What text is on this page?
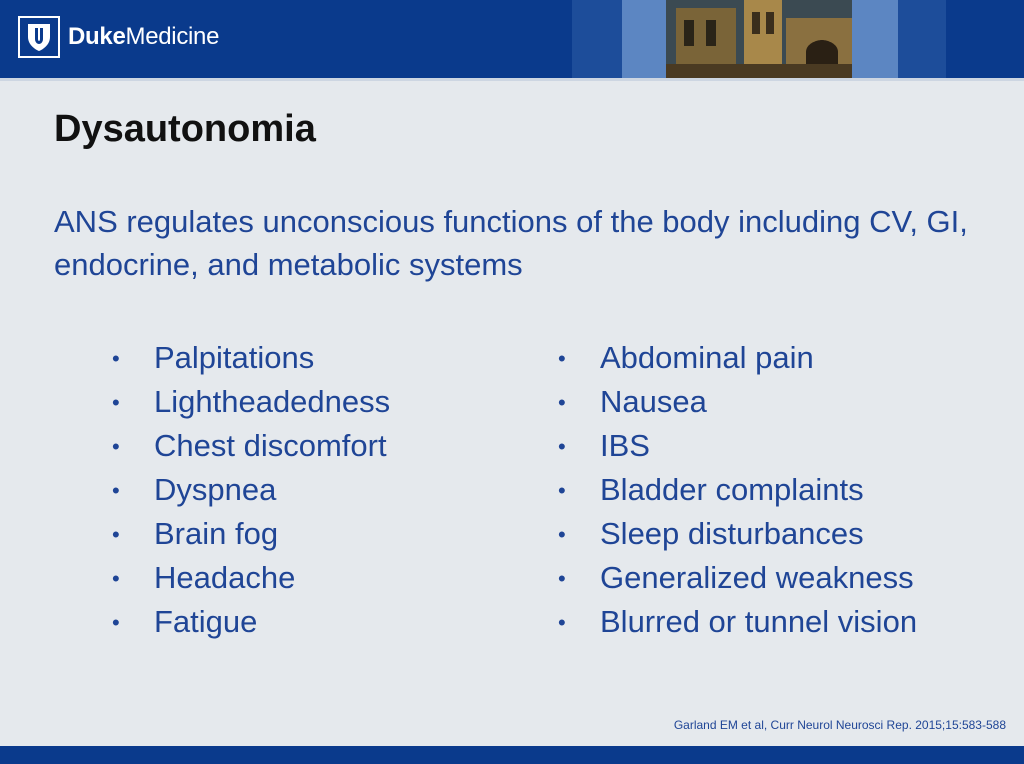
DukeMedicine
Dysautonomia

ANS regulates unconscious functions of the body including CV, GI, endocrine, and metabolic systems

•	Palpitations
•	Lightheadedness
•	Chest discomfort
•	Dyspnea
•	Brain fog
•	Headache
•	Fatigue
•	Abdominal pain
•	Nausea
•	IBS
•	Bladder complaints
•	Sleep disturbances
•	Generalized weakness
•	Blurred or tunnel vision

Garland EM et al, Curr Neurol Neurosci Rep. 2015;15:583-588
